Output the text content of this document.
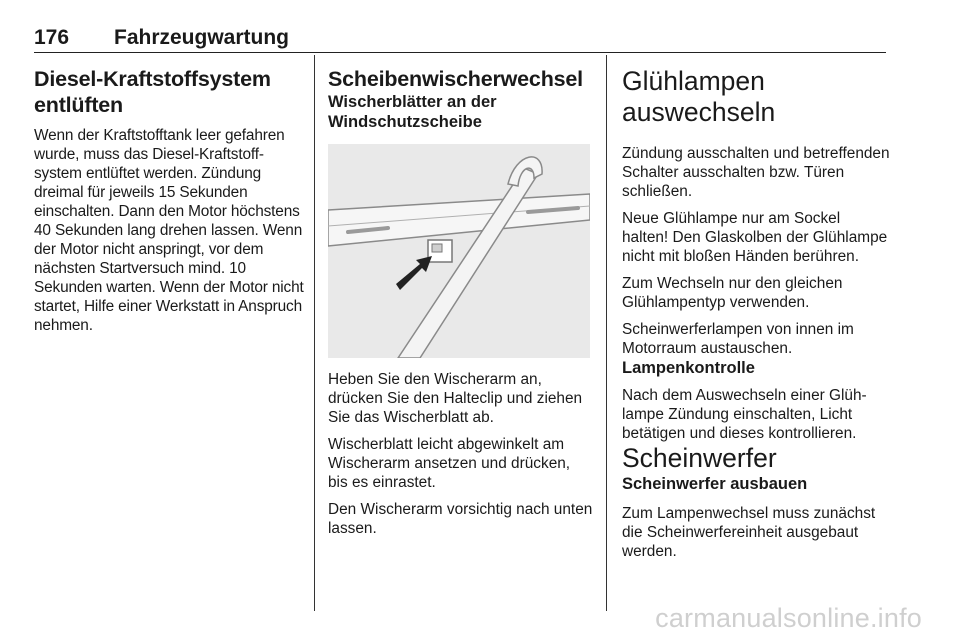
176 Fahrzeugwartung
Diesel-Kraftstoffsystem entlüften

Wenn der Kraftstofftank leer gefahren wurde, muss das Diesel-Kraftstoffsystem entlüftet werden. Zündung dreimal für jeweils 15 Sekunden einschalten. Dann den Motor höchstens 40 Sekunden lang drehen lassen. Wenn der Motor nicht anspringt, vor dem nächsten Startversuch mind. 10 Sekunden warten. Wenn der Motor nicht startet, Hilfe einer Werkstatt in Anspruch nehmen.

Scheibenwischerwechsel
Wischerblätter an der Windschutzscheibe

Heben Sie den Wischerarm an, drücken Sie den Halteclip und ziehen Sie das Wischerblatt ab.

Wischerblatt leicht abgewinkelt am Wischerarm ansetzen und drücken, bis es einrastet.

Den Wischerarm vorsichtig nach unten lassen.

Glühlampen auswechseln

Zündung ausschalten und betreffenden Schalter ausschalten bzw. Türen schließen.

Neue Glühlampe nur am Sockel halten! Den Glaskolben der Glühlampe nicht mit bloßen Händen berühren.

Zum Wechseln nur den gleichen Glühlampentyp verwenden.

Scheinwerferlampen von innen im Motorraum austauschen.

Lampenkontrolle

Nach dem Auswechseln einer Glühlampe Zündung einschalten, Licht betätigen und dieses kontrollieren.

Scheinwerfer
Scheinwerfer ausbauen

Zum Lampenwechsel muss zunächst die Scheinwerfereinheit ausgebaut werden.

carmanualsonline.info
